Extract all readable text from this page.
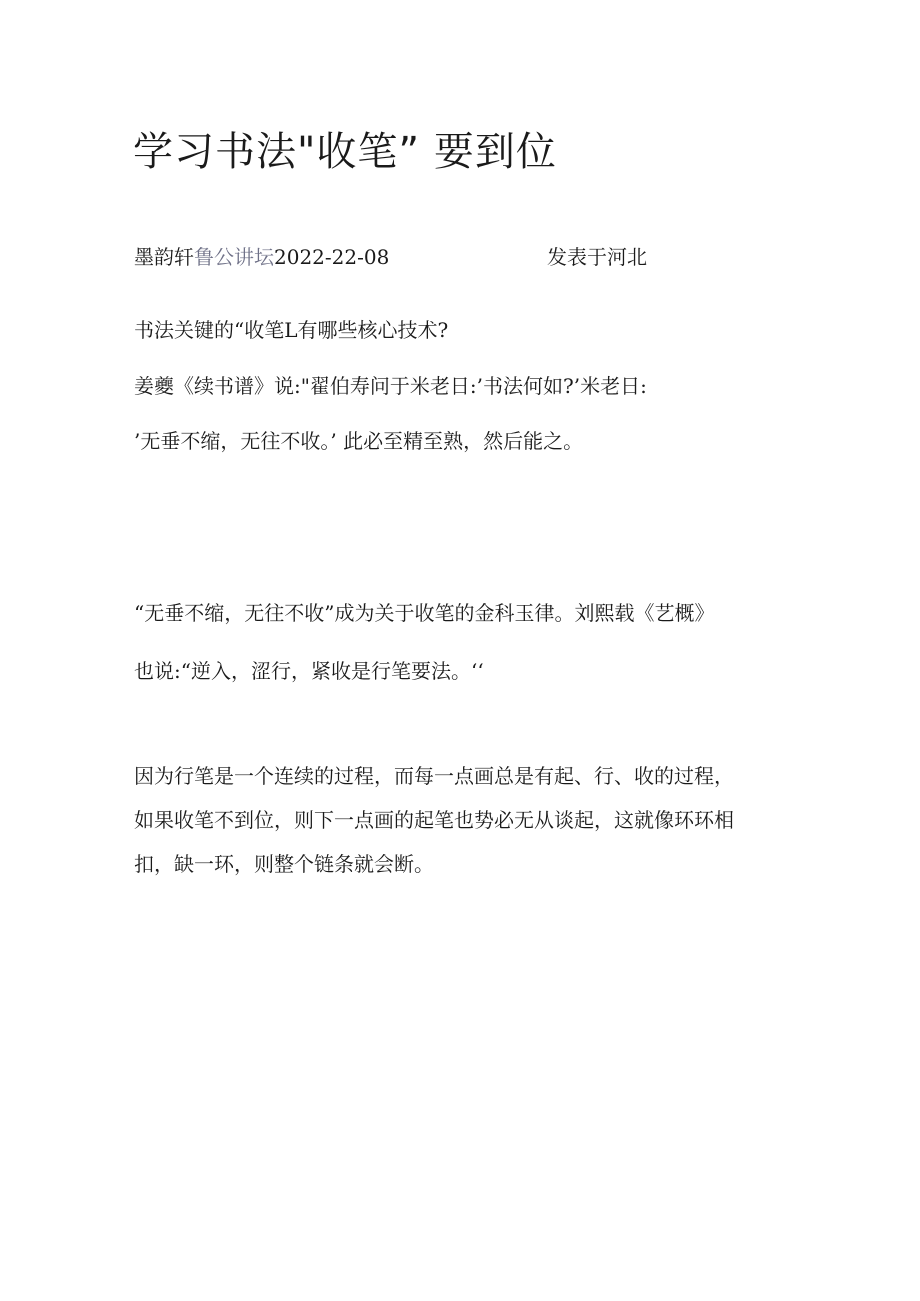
学习书法"收笔” 要到位
墨韵轩鲁公讲坛2022-22-08	发表于河北

书法关键的“收笔L有哪些核心技术?

姜夔《续书谱》说:"翟伯寿问于米老日:’书法何如?’米老日:

’无垂不缩，无往不收。’ 此必至精至熟，然后能之。

“无垂不缩，无往不收”成为关于收笔的金科玉律。刘熙载《艺概》

也说:“逆入，涩行，紧收是行笔要法。‘‘

因为行笔是一个连续的过程，而每一点画总是有起、行、收的过程，

如果收笔不到位，则下一点画的起笔也势必无从谈起，这就像环环相

扣，缺一环，则整个链条就会断。
